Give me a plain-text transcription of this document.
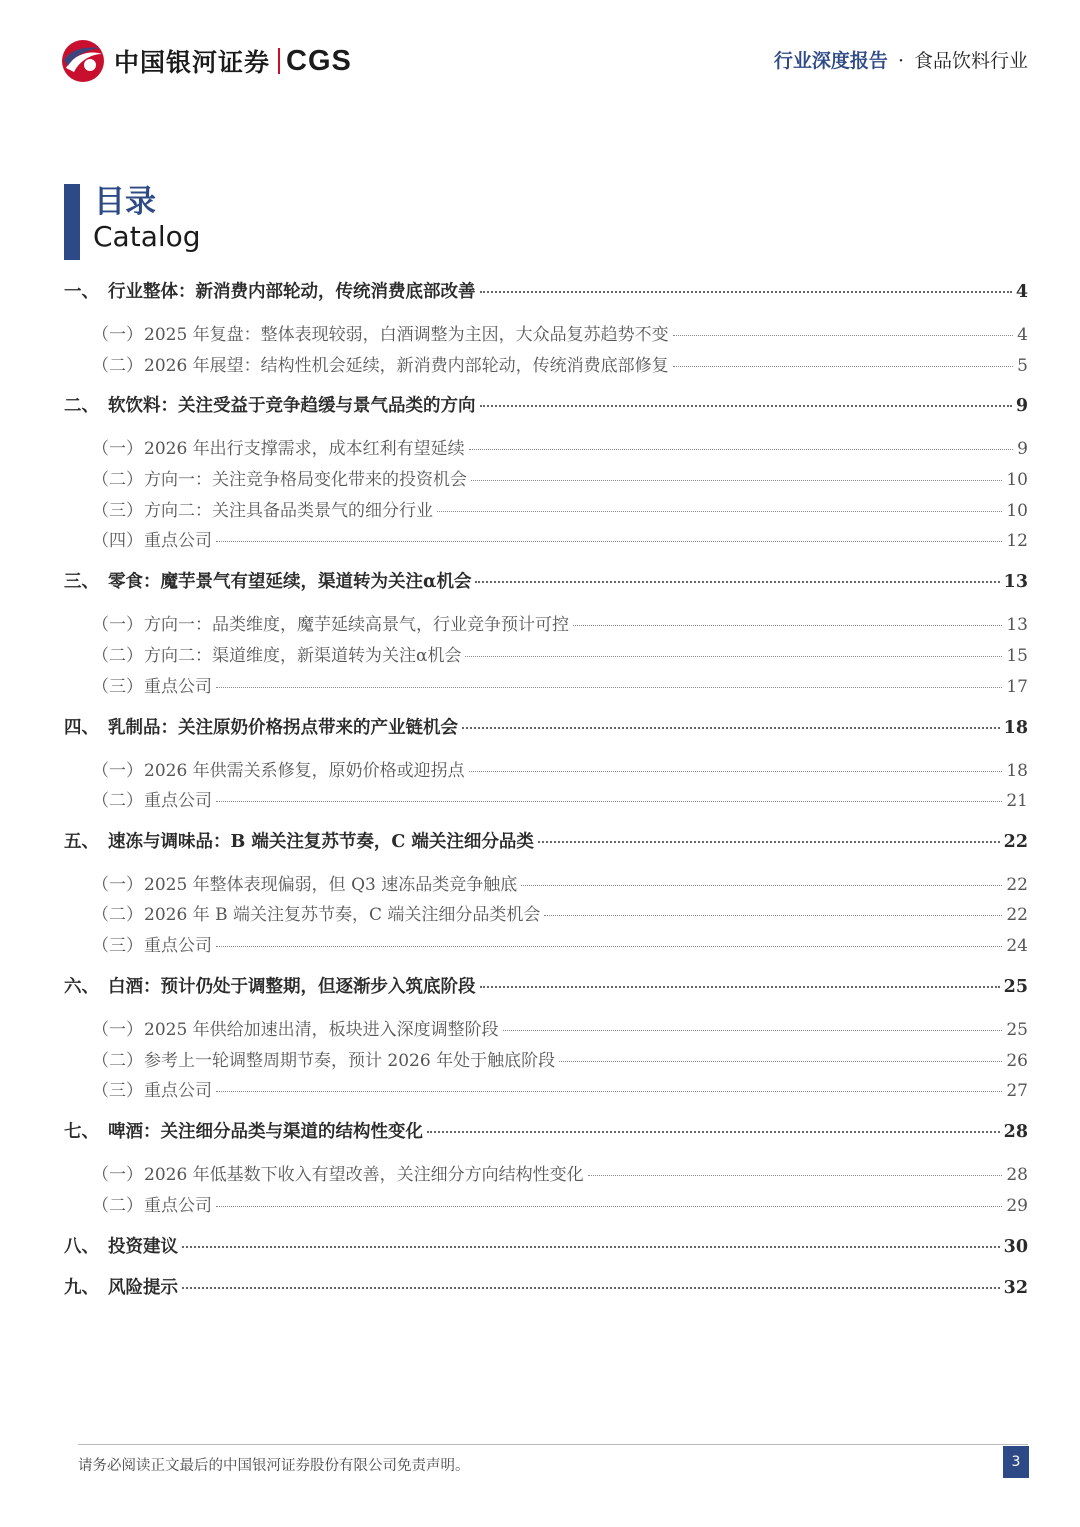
中国银河证券 CGS	行业深度报告 · 食品饮料行业
目录
Catalog
一、 行业整体：新消费内部轮动，传统消费底部改善	4
（一） 2025 年复盘：整体表现较弱，白酒调整为主因，大众品复苏趋势不变	4
（二） 2026 年展望：结构性机会延续，新消费内部轮动，传统消费底部修复	5
二、 软饮料：关注受益于竞争趋缓与景气品类的方向	9
（一） 2026 年出行支撑需求，成本红利有望延续	9
（二） 方向一：关注竞争格局变化带来的投资机会	10
（三） 方向二：关注具备品类景气的细分行业	10
（四） 重点公司	12
三、 零食：魔芋景气有望延续，渠道转为关注α机会	13
（一） 方向一：品类维度，魔芋延续高景气，行业竞争预计可控	13
（二） 方向二：渠道维度，新渠道转为关注α机会	15
（三） 重点公司	17
四、 乳制品：关注原奶价格拐点带来的产业链机会	18
（一） 2026 年供需关系修复，原奶价格或迎拐点	18
（二） 重点公司	21
五、 速冻与调味品：B 端关注复苏节奏，C 端关注细分品类	22
（一） 2025 年整体表现偏弱，但 Q3 速冻品类竞争触底	22
（二） 2026 年 B 端关注复苏节奏，C 端关注细分品类机会	22
（三） 重点公司	24
六、 白酒：预计仍处于调整期，但逐渐步入筑底阶段	25
（一） 2025 年供给加速出清，板块进入深度调整阶段	25
（二） 参考上一轮调整周期节奏，预计 2026 年处于触底阶段	26
（三） 重点公司	27
七、 啤酒：关注细分品类与渠道的结构性变化	28
（一） 2026 年低基数下收入有望改善，关注细分方向结构性变化	28
（二） 重点公司	29
八、 投资建议	30
九、 风险提示	32
请务必阅读正文最后的中国银河证券股份有限公司免责声明。	3
